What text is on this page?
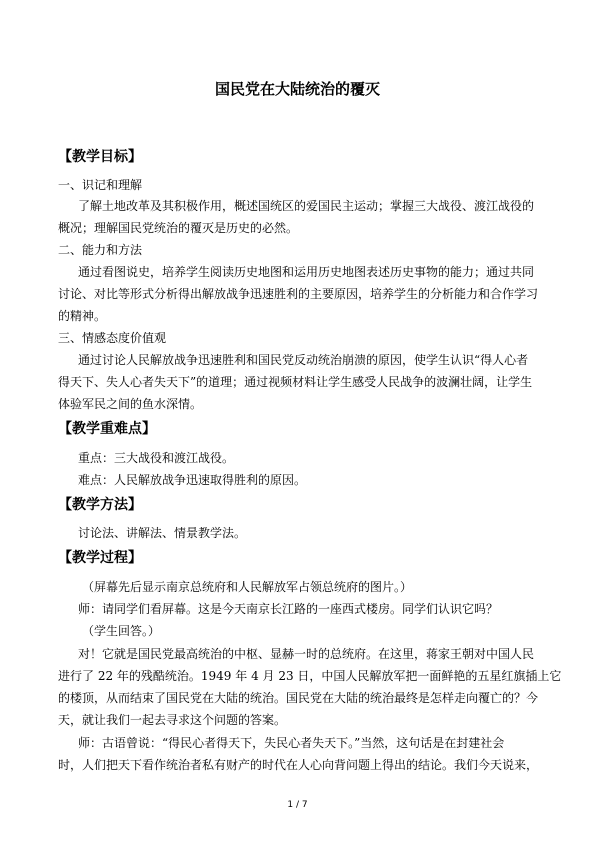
国民党在大陆统治的覆灭
【教学目标】
一、识记和理解
了解土地改革及其积极作用，概述国统区的爱国民主运动；掌握三大战役、渡江战役的
概况；理解国民党统治的覆灭是历史的必然。
二、能力和方法
通过看图说史，培养学生阅读历史地图和运用历史地图表述历史事物的能力；通过共同
讨论、对比等形式分析得出解放战争迅速胜利的主要原因，培养学生的分析能力和合作学习
的精神。
三、情感态度价值观
通过讨论人民解放战争迅速胜利和国民党反动统治崩溃的原因，使学生认识“得人心者
得天下、失人心者失天下”的道理；通过视频材料让学生感受人民战争的波澜壮阔，让学生
体验军民之间的鱼水深情。
【教学重难点】
重点：三大战役和渡江战役。
难点：人民解放战争迅速取得胜利的原因。
【教学方法】
讨论法、讲解法、情景教学法。
【教学过程】
（屏幕先后显示南京总统府和人民解放军占领总统府的图片。）
师：请同学们看屏幕。这是今天南京长江路的一座西式楼房。同学们认识它吗？
（学生回答。）
对！它就是国民党最高统治的中枢、显赫一时的总统府。在这里，蒋家王朝对中国人民
进行了 22 年的残酷统治。1949 年 4 月 23 日，中国人民解放军把一面鲜艳的五星红旗插上它
的楼顶，从而结束了国民党在大陆的统治。国民党在大陆的统治最终是怎样走向覆亡的？今
天，就让我们一起去寻求这个问题的答案。
师：古语曾说：“得民心者得天下，失民心者失天下。”当然，这句话是在封建社会
时，人们把天下看作统治者私有财产的时代在人心向背问题上得出的结论。我们今天说来，
1 / 7
